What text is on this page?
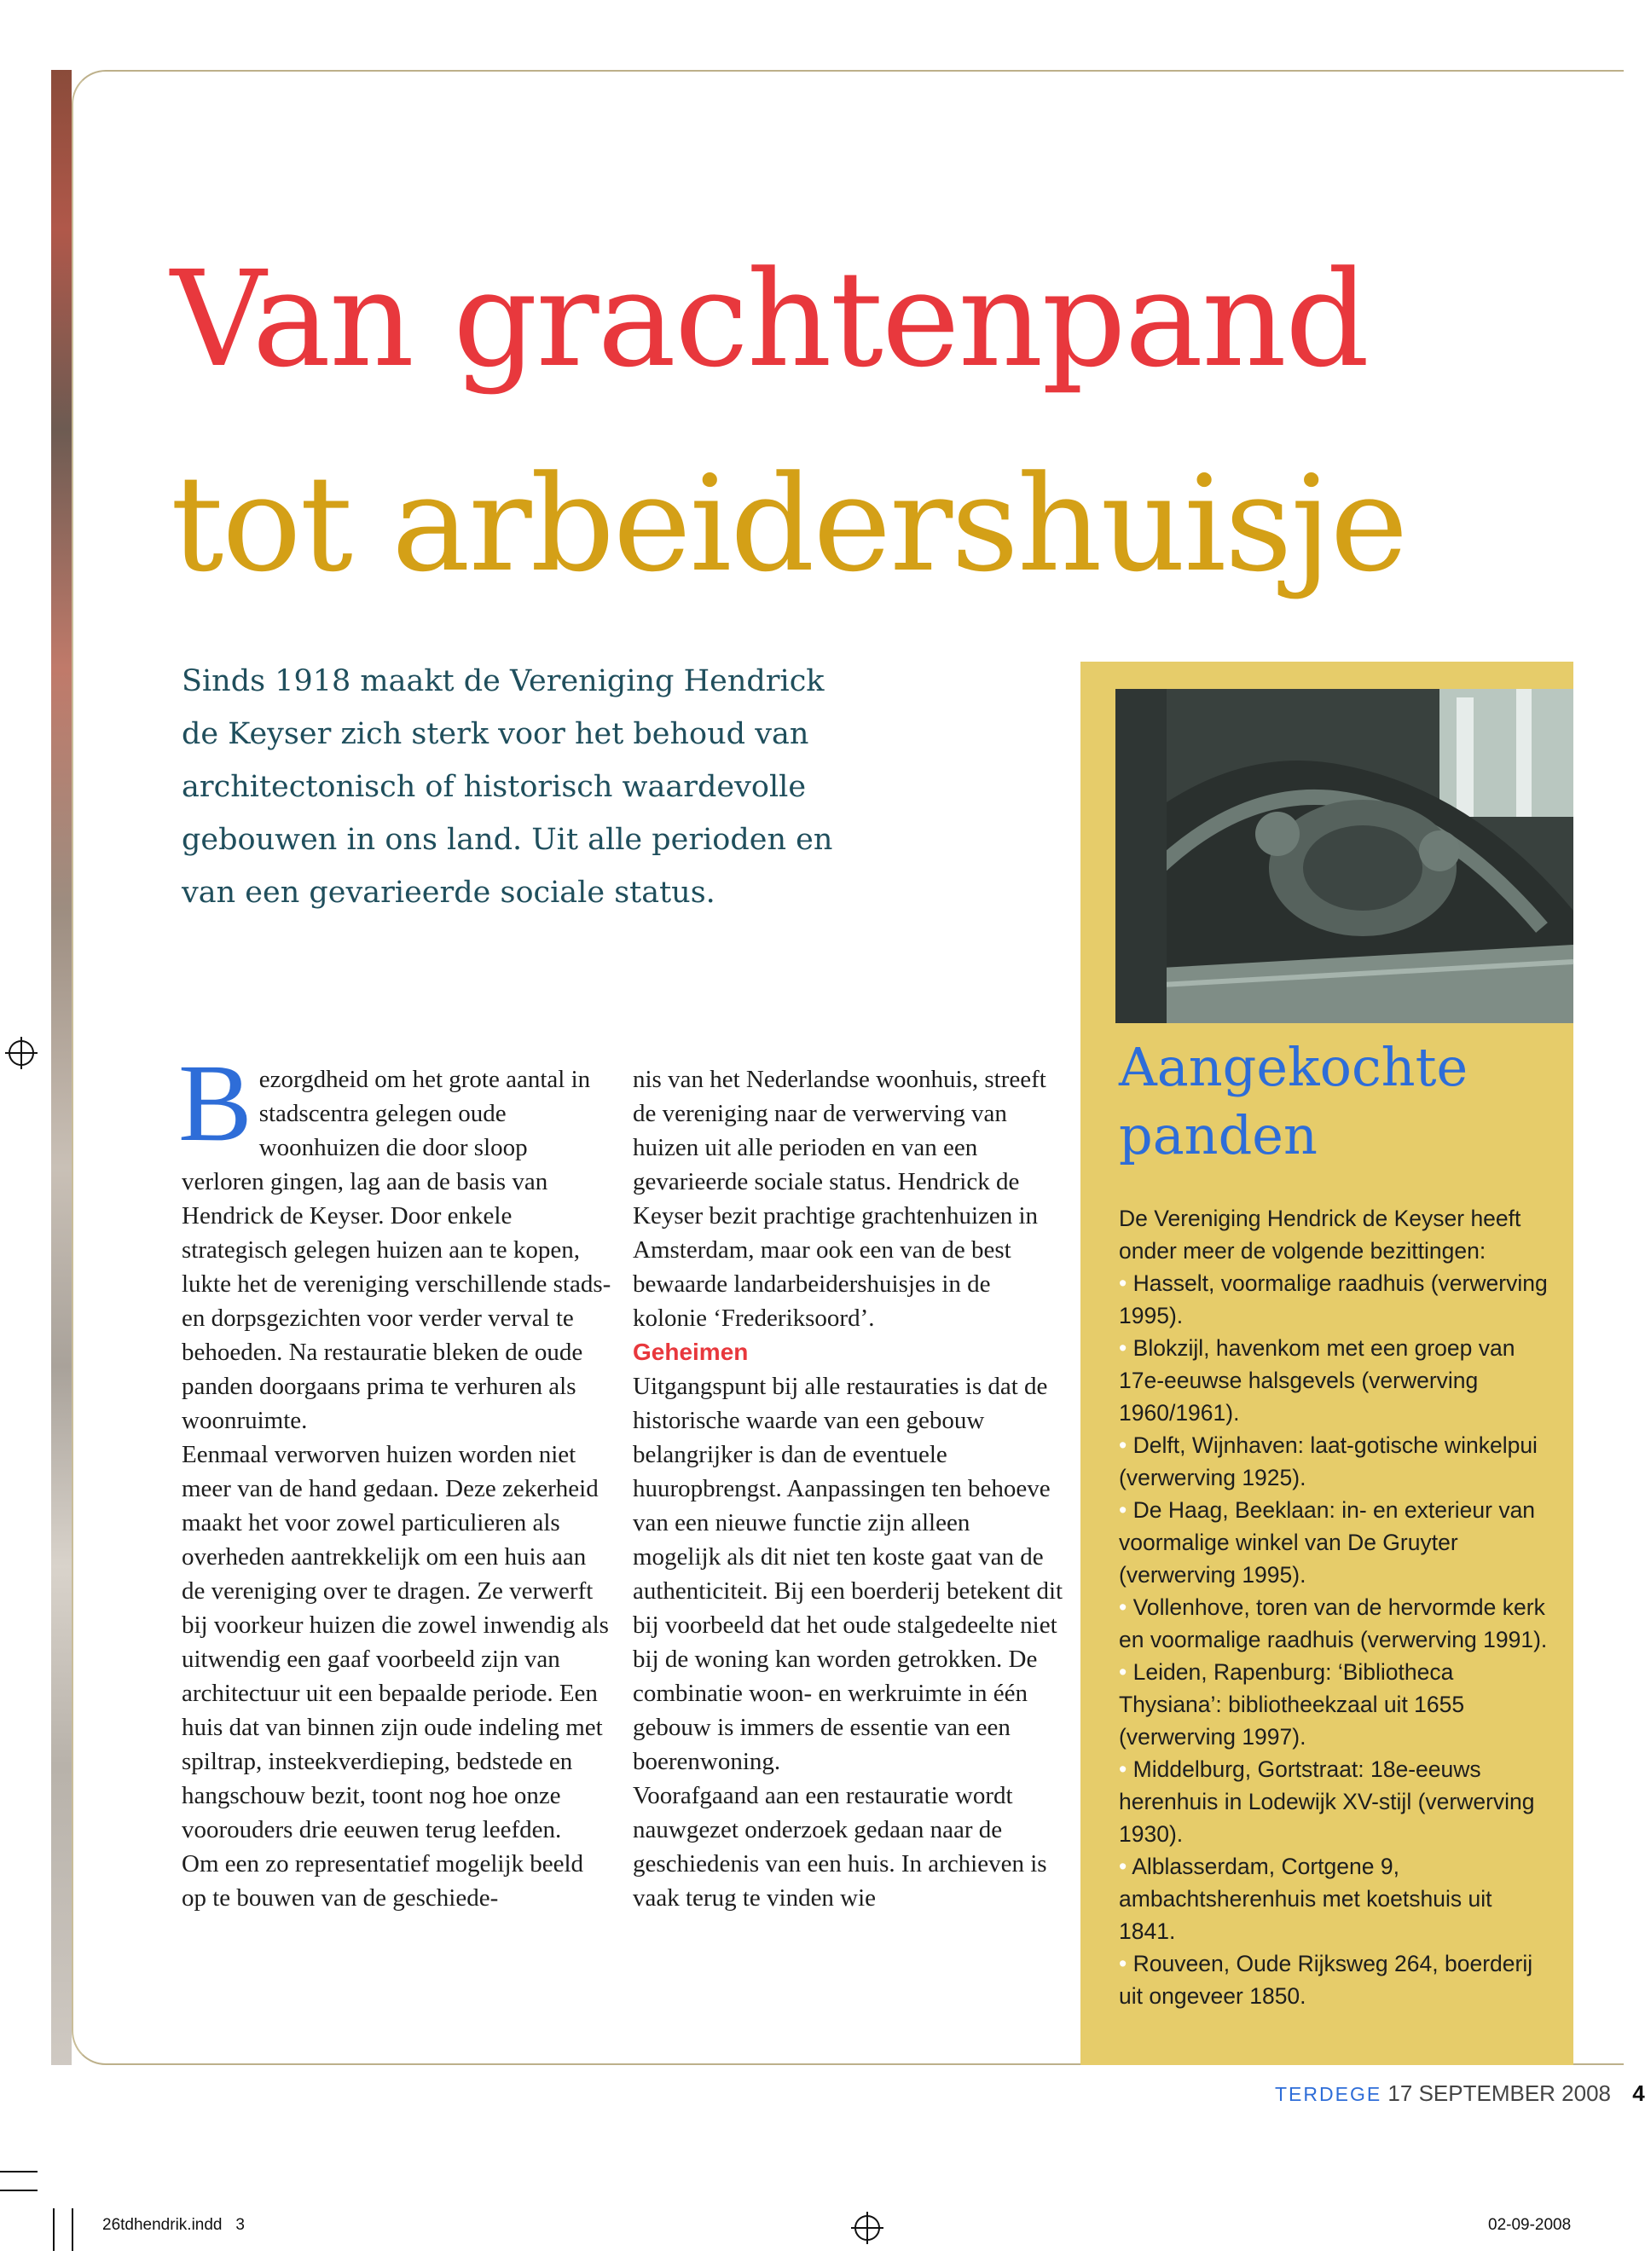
Van grachtenpand
tot arbeidershuisje
Sinds 1918 maakt de Vereniging Hendrick de Keyser zich sterk voor het behoud van architectonisch of historisch waardevolle gebouwen in ons land. Uit alle perioden en van een gevarieerde sociale status.
B ezorgdheid om het grote aantal in stadscentra gelegen oude woonhuizen die door sloop verloren gingen, lag aan de basis van Hendrick de Keyser. Door enkele strategisch gelegen huizen aan te kopen, lukte het de vereniging verschillende stads- en dorpsgezichten voor verder verval te behoeden. Na restauratie bleken de oude panden doorgaans prima te verhuren als woonruimte.

Eenmaal verworven huizen worden niet meer van de hand gedaan. Deze zekerheid maakt het voor zowel particulieren als overheden aantrekkelijk om een huis aan de vereniging over te dragen. Ze verwerft bij voorkeur huizen die zowel inwendig als uitwendig een gaaf voorbeeld zijn van architectuur uit een bepaalde periode. Een huis dat van binnen zijn oude indeling met spiltrap, insteekverdieping, bedstede en hangschouw bezit, toont nog hoe onze voorouders drie eeuwen terug leefden.

Om een zo representatief mogelijk beeld op te bouwen van de geschiede-

nis van het Nederlandse woonhuis, streeft de vereniging naar de verwerving van huizen uit alle perioden en van een gevarieerde sociale status. Hendrick de Keyser bezit prachtige grachtenhuizen in Amsterdam, maar ook een van de best bewaarde landarbeidershuisjes in de kolonie ‘Frederiksoord’.

Geheimen

Uitgangspunt bij alle restauraties is dat de historische waarde van een gebouw belangrijker is dan de eventuele huuropbrengst. Aanpassingen ten behoeve van een nieuwe functie zijn alleen mogelijk als dit niet ten koste gaat van de authenticiteit. Bij een boerderij betekent dit bij voorbeeld dat het oude stalgedeelte niet bij de woning kan worden getrokken. De combinatie woon- en werkruimte in één gebouw is immers de essentie van een boerenwoning.

Voorafgaand aan een restauratie wordt nauwgezet onderzoek gedaan naar de geschiedenis van een huis. In archieven is vaak terug te vinden wie

Aangekochte panden

De Vereniging Hendrick de Keyser heeft onder meer de volgende bezittingen:

• Hasselt, voormalige raadhuis (verwerving 1995).

• Blokzijl, havenkom met een groep van 17e-eeuwse halsgevels (verwerving 1960/1961).

• Delft, Wijnhaven: laat-gotische winkelpui (verwerving 1925).

• De Haag, Beeklaan: in- en exterieur van voormalige winkel van De Gruyter (verwerving 1995).

• Vollenhove, toren van de hervormde kerk en voormalige raadhuis (verwerving 1991).

• Leiden, Rapenburg: ‘Bibliotheca Thysiana’: bibliotheekzaal uit 1655 (verwerving 1997).

• Middelburg, Gortstraat: 18e-eeuws herenhuis in Lodewijk XV-stijl (verwerving 1930).

• Alblasserdam, Cortgene 9, ambachtsherenhuis met koetshuis uit 1841.

• Rouveen, Oude Rijksweg 264, boerderij uit ongeveer 1850.

TERDEGE 17 SEPTEMBER 2008 4
26tdhendrik.indd   3	02-09-2008
